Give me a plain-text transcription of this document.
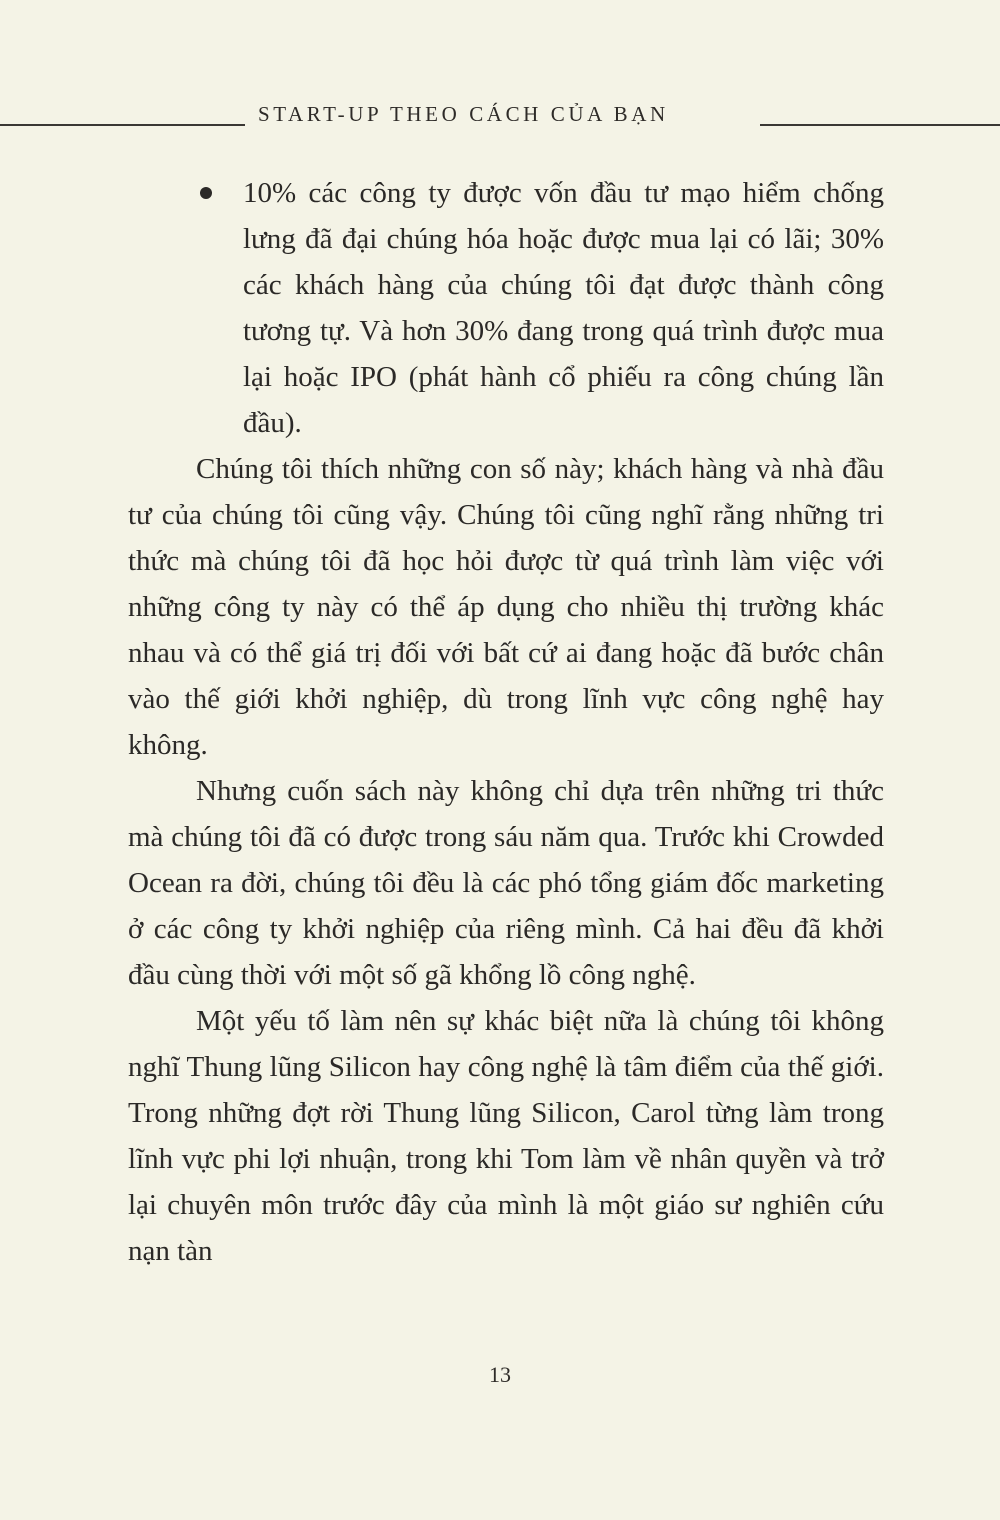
START-UP THEO CÁCH CỦA BẠN
10% các công ty được vốn đầu tư mạo hiểm chống lưng đã đại chúng hóa hoặc được mua lại có lãi; 30% các khách hàng của chúng tôi đạt được thành công tương tự. Và hơn 30% đang trong quá trình được mua lại hoặc IPO (phát hành cổ phiếu ra công chúng lần đầu).

Chúng tôi thích những con số này; khách hàng và nhà đầu tư của chúng tôi cũng vậy. Chúng tôi cũng nghĩ rằng những tri thức mà chúng tôi đã học hỏi được từ quá trình làm việc với những công ty này có thể áp dụng cho nhiều thị trường khác nhau và có thể giá trị đối với bất cứ ai đang hoặc đã bước chân vào thế giới khởi nghiệp, dù trong lĩnh vực công nghệ hay không.

Nhưng cuốn sách này không chỉ dựa trên những tri thức mà chúng tôi đã có được trong sáu năm qua. Trước khi Crowded Ocean ra đời, chúng tôi đều là các phó tổng giám đốc marketing ở các công ty khởi nghiệp của riêng mình. Cả hai đều đã khởi đầu cùng thời với một số gã khổng lồ công nghệ.

Một yếu tố làm nên sự khác biệt nữa là chúng tôi không nghĩ Thung lũng Silicon hay công nghệ là tâm điểm của thế giới. Trong những đợt rời Thung lũng Silicon, Carol từng làm trong lĩnh vực phi lợi nhuận, trong khi Tom làm về nhân quyền và trở lại chuyên môn trước đây của mình là một giáo sư nghiên cứu nạn tàn

13
